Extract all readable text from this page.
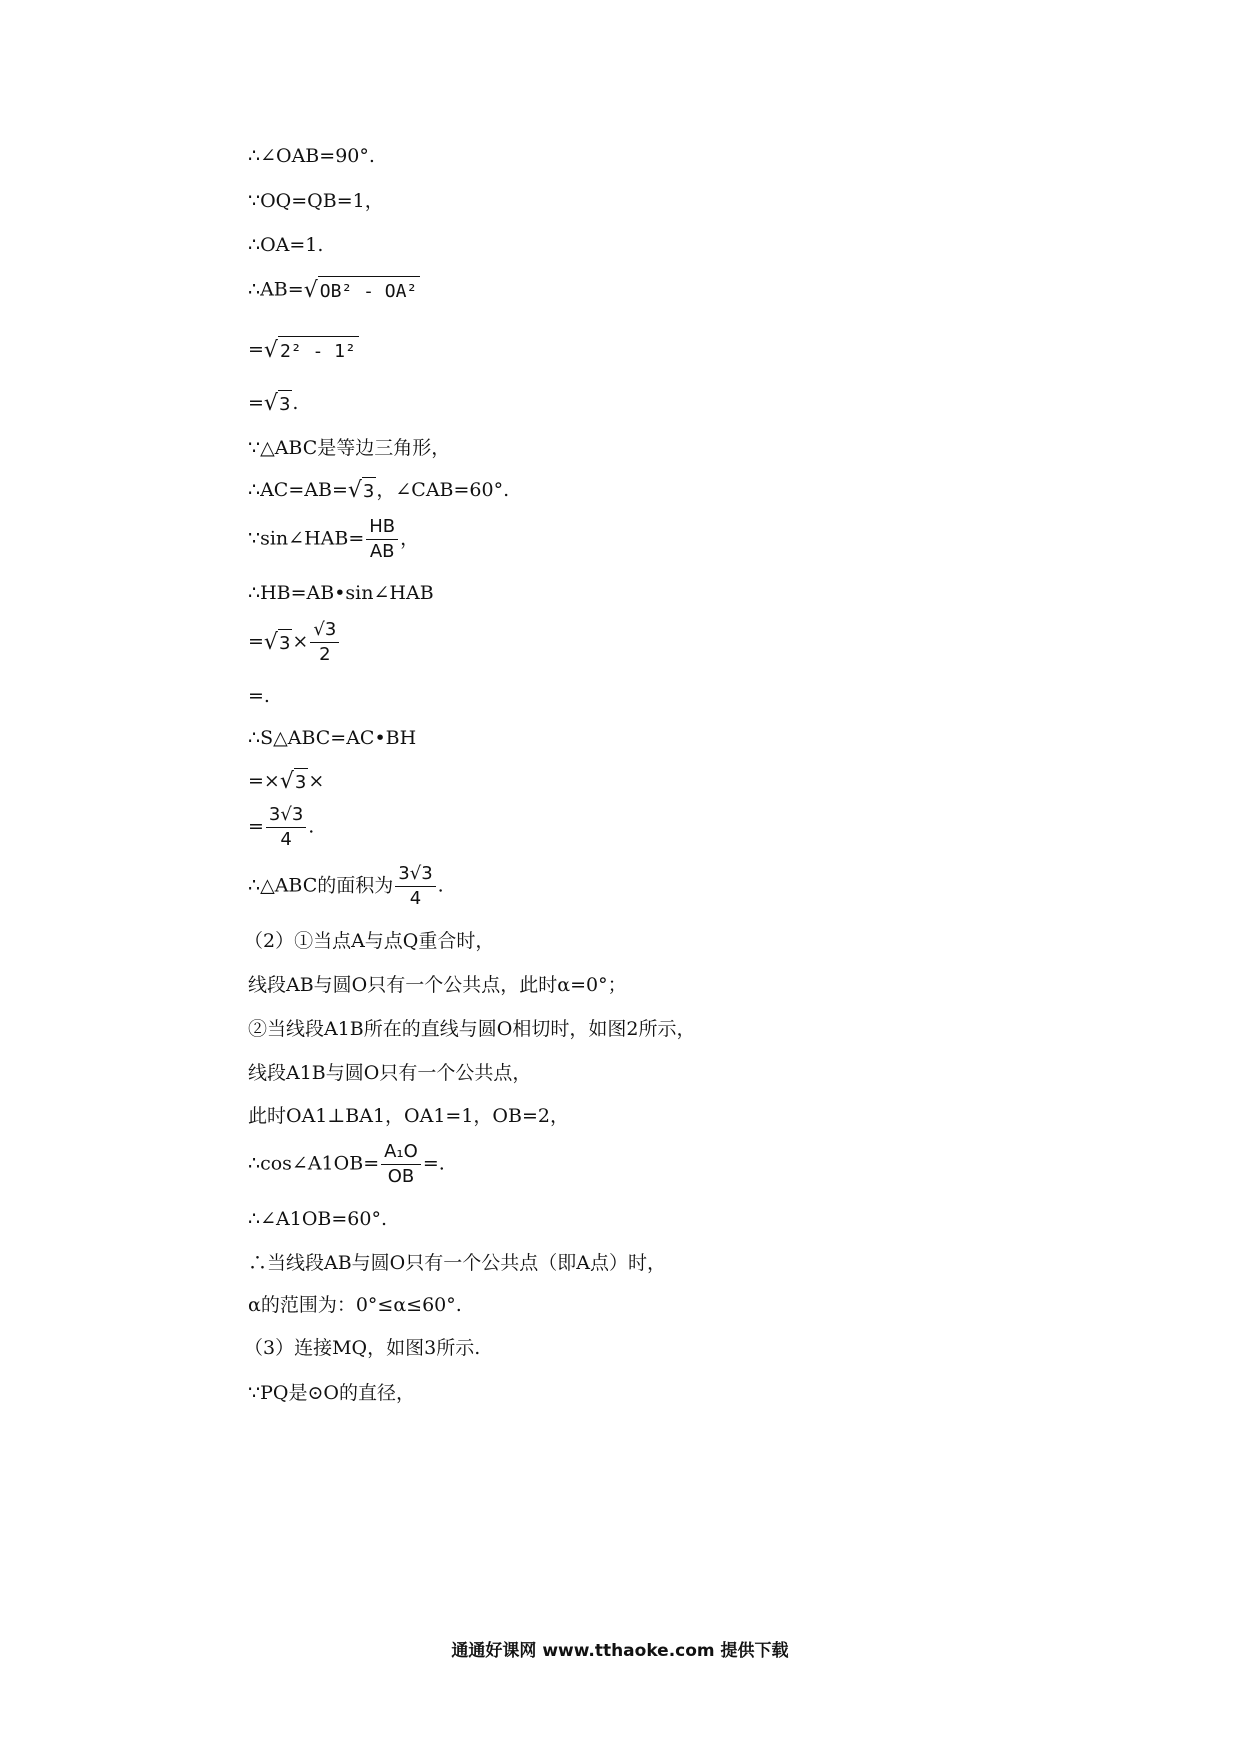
∴∠OAB=90°.
∵OQ=QB=1，
∴OA=1.
∴AB=√ OB² - OA²
=√ 2² - 1²
=√3 .
∵△ABC是等边三角形，
∴AC=AB=√3 ，∠CAB=60°.
∵sin∠HAB= $\frac{HB}{AB}$ ，
∴HB=AB•sin∠HAB
$=√3 \times \frac{√3}{2}$
=.
∴S△ABC=AC•BH
=×√3 ×
= $\frac{3√3}{4}$ .
∴△ABC的面积为 $\frac{3√3}{4}$ .
（2）①当点A与点Q重合时，
线段AB与圆O只有一个公共点，此时α=0°；
②当线段A1B所在的直线与圆O相切时，如图2所示，
线段A1B与圆O只有一个公共点，
此时OA1⊥BA1，OA1=1，OB=2，
∴cos∠A1OB= $\frac{\text{A₁O}}{OB}$ =.
∴∠A1OB=60°.
∴当线段AB与圆O只有一个公共点（即A点）时，
α的范围为：0°≤α≤60°.
（3）连接MQ，如图3所示.
∵PQ是⊙O的直径，
通通好课网 www.tthaoke.com 提供下载
